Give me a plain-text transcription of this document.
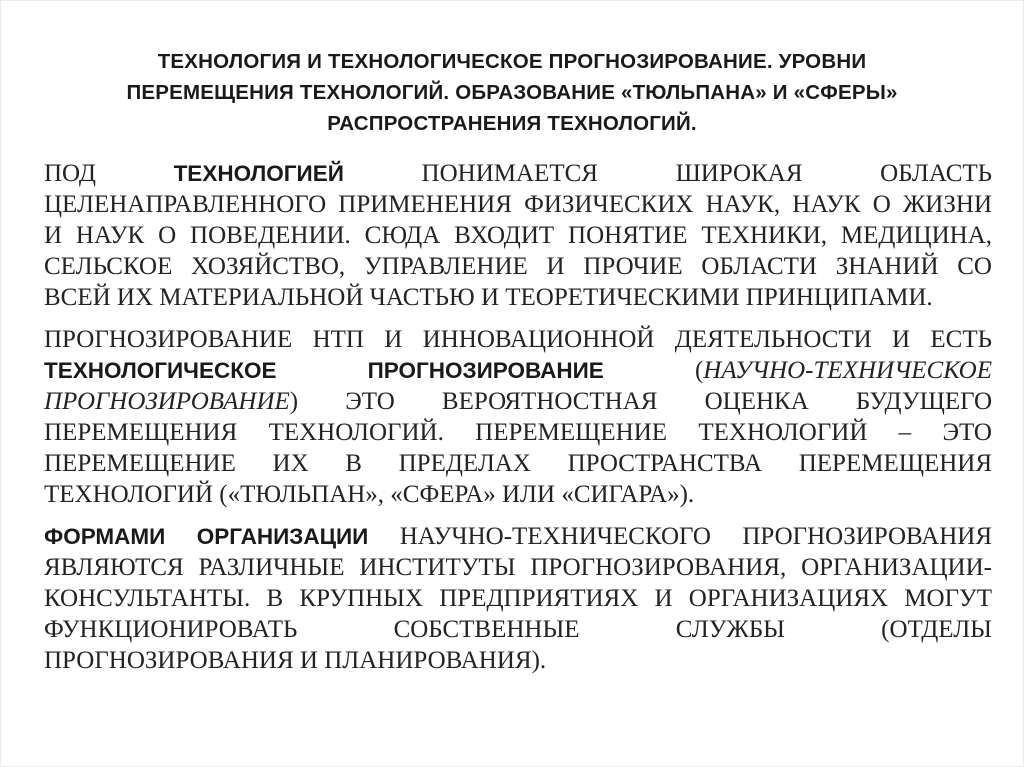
ТЕХНОЛОГИЯ И ТЕХНОЛОГИЧЕСКОЕ ПРОГНОЗИРОВАНИЕ. УРОВНИ
ПЕРЕМЕЩЕНИЯ ТЕХНОЛОГИЙ. ОБРАЗОВАНИЕ «ТЮЛЬПАНА» И «СФЕРЫ»
РАСПРОСТРАНЕНИЯ ТЕХНОЛОГИЙ.
ПОД ТЕХНОЛОГИЕЙ ПОНИМАЕТСЯ ШИРОКАЯ ОБЛАСТЬ
ЦЕЛЕНАПРАВЛЕННОГО ПРИМЕНЕНИЯ ФИЗИЧЕСКИХ НАУК, НАУК О ЖИЗНИ
И НАУК О ПОВЕДЕНИИ. СЮДА ВХОДИТ ПОНЯТИЕ ТЕХНИКИ, МЕДИЦИНА,
СЕЛЬСКОЕ ХОЗЯЙСТВО, УПРАВЛЕНИЕ И ПРОЧИЕ ОБЛАСТИ ЗНАНИЙ СО
ВСЕЙ ИХ МАТЕРИАЛЬНОЙ ЧАСТЬЮ И ТЕОРЕТИЧЕСКИМИ ПРИНЦИПАМИ.
ПРОГНОЗИРОВАНИЕ НТП И ИННОВАЦИОННОЙ ДЕЯТЕЛЬНОСТИ И ЕСТЬ
ТЕХНОЛОГИЧЕСКОЕ ПРОГНОЗИРОВАНИЕ (НАУЧНО-ТЕХНИЧЕСКОЕ
ПРОГНОЗИРОВАНИЕ) ЭТО ВЕРОЯТНОСТНАЯ ОЦЕНКА БУДУЩЕГО
ПЕРЕМЕЩЕНИЯ ТЕХНОЛОГИЙ. ПЕРЕМЕЩЕНИЕ ТЕХНОЛОГИЙ – ЭТО
ПЕРЕМЕЩЕНИЕ ИХ В ПРЕДЕЛАХ ПРОСТРАНСТВА ПЕРЕМЕЩЕНИЯ
ТЕХНОЛОГИЙ («ТЮЛЬПАН», «СФЕРА» ИЛИ «СИГАРА»).
ФОРМАМИ ОРГАНИЗАЦИИ НАУЧНО-ТЕХНИЧЕСКОГО ПРОГНОЗИРОВАНИЯ
ЯВЛЯЮТСЯ РАЗЛИЧНЫЕ ИНСТИТУТЫ ПРОГНОЗИРОВАНИЯ, ОРГАНИЗАЦИИ-
КОНСУЛЬТАНТЫ. В КРУПНЫХ ПРЕДПРИЯТИЯХ И ОРГАНИЗАЦИЯХ МОГУТ
ФУНКЦИОНИРОВАТЬ СОБСТВЕННЫЕ СЛУЖБЫ (ОТДЕЛЫ
ПРОГНОЗИРОВАНИЯ И ПЛАНИРОВАНИЯ).
